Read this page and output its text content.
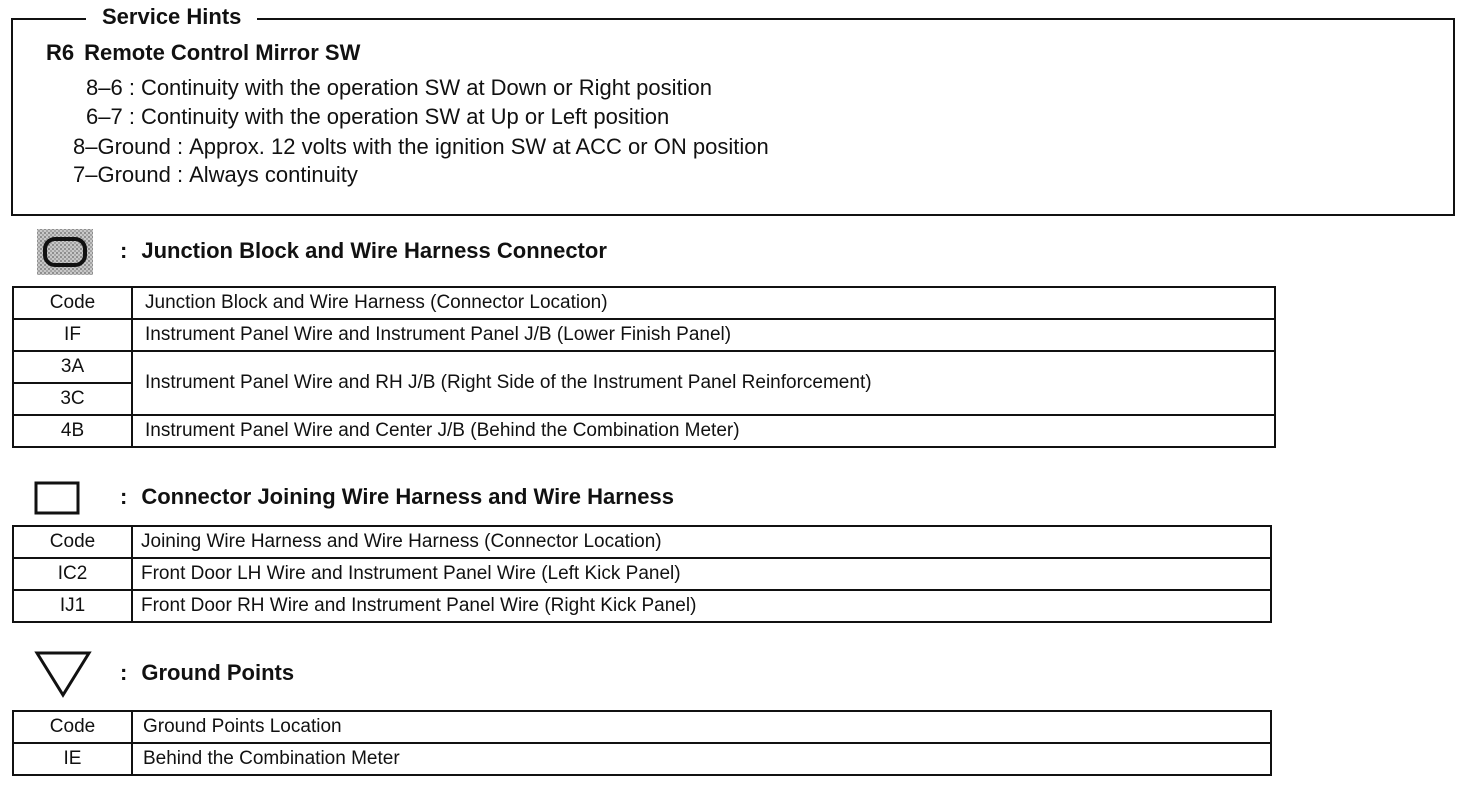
Service Hints
R6 Remote Control Mirror SW
8–6 : Continuity with the operation SW at Down or Right position
6–7 : Continuity with the operation SW at Up or Left position
8–Ground : Approx. 12 volts with the ignition SW at ACC or ON position
7–Ground : Always continuity
: Junction Block and Wire Harness Connector
Code	Junction Block and Wire Harness (Connector Location)
IF	Instrument Panel Wire and Instrument Panel J/B (Lower Finish Panel)
3A	Instrument Panel Wire and RH J/B (Right Side of the Instrument Panel Reinforcement)
3C	
4B	Instrument Panel Wire and Center J/B (Behind the Combination Meter)
: Connector Joining Wire Harness and Wire Harness
Code	Joining Wire Harness and Wire Harness (Connector Location)
IC2	Front Door LH Wire and Instrument Panel Wire (Left Kick Panel)
IJ1	Front Door RH Wire and Instrument Panel Wire (Right Kick Panel)
: Ground Points
Code	Ground Points Location
IE	Behind the Combination Meter
